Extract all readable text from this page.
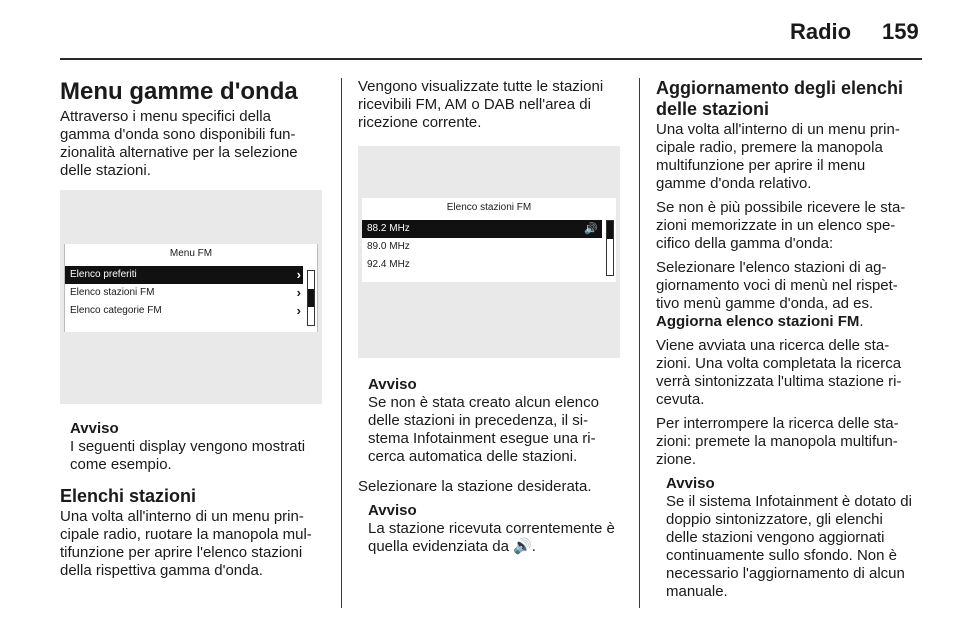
Radio 159
Menu gamme d'onda

Attraverso i menu specifici della gamma d'onda sono disponibili fun- zionalità alternative per la selezione delle stazioni.

Menu FM
Elenco preferiti	›
Elenco stazioni FM	›
Elenco categorie FM	›
Avviso
I seguenti display vengono mostrati come esempio.
Elenchi stazioni

Una volta all'interno di un menu prin- cipale radio, ruotare la manopola mul- tifunzione per aprire l'elenco stazioni della rispettiva gamma d'onda.

Vengono visualizzate tutte le stazioni ricevibili FM, AM o DAB nell'area di ricezione corrente.

Elenco stazioni FM
88.2 MHz	🔊
89.0 MHz
92.4 MHz
Avviso
Se non è stata creato alcun elenco delle stazioni in precedenza, il si- stema Infotainment esegue una ri- cerca automatica delle stazioni.

Selezionare la stazione desiderata.

Avviso
La stazione ricevuta correntemente è quella evidenziata da 🔊.
Aggiornamento degli elenchi delle stazioni

Una volta all'interno di un menu prin- cipale radio, premere la manopola multifunzione per aprire il menu gamme d'onda relativo.

Se non è più possibile ricevere le sta- zioni memorizzate in un elenco spe- cifico della gamma d'onda:

Selezionare l'elenco stazioni di ag- giornamento voci di menù nel rispet- tivo menù gamme d'onda, ad es. Aggiorna elenco stazioni FM.

Viene avviata una ricerca delle sta- zioni. Una volta completata la ricerca verrà sintonizzata l'ultima stazione ri- cevuta.

Per interrompere la ricerca delle sta- zioni: premete la manopola multifun- zione.

Avviso
Se il sistema Infotainment è dotato di doppio sintonizzatore, gli elenchi delle stazioni vengono aggiornati continuamente sullo sfondo. Non è necessario l'aggiornamento di alcun manuale.
